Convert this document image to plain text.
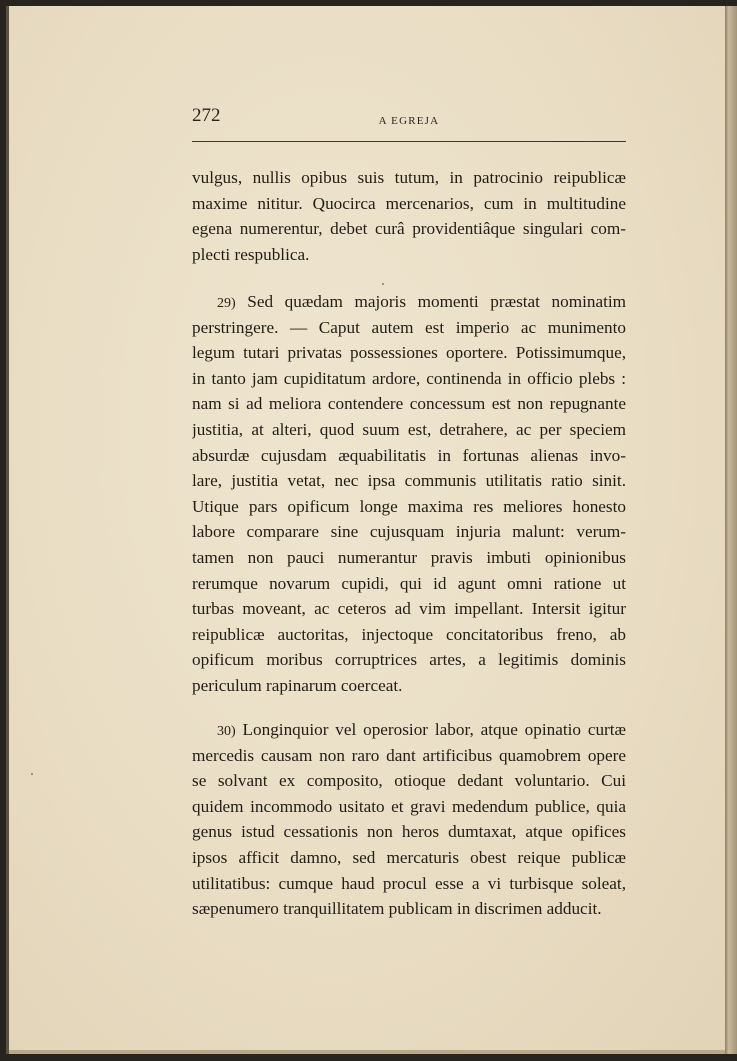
272	A EGREJA
vulgus, nullis opibus suis tutum, in patrocinio reipublicæ
maxime nititur. Quocirca mercenarios, cum in multitudine
egena numerentur, debet curâ providentiâque singulari com-
plecti respublica.
29) Sed quædam majoris momenti præstat nominatim
perstringere. — Caput autem est imperio ac munimento
legum tutari privatas possessiones oportere. Potissimumque,
in tanto jam cupiditatum ardore, continenda in officio plebs :
nam si ad meliora contendere concessum est non repugnante
justitia, at alteri, quod suum est, detrahere, ac per speciem
absurdæ cujusdam æquabilitatis in fortunas alienas invo-
lare, justitia vetat, nec ipsa communis utilitatis ratio sinit.
Utique pars opificum longe maxima res meliores honesto
labore comparare sine cujusquam injuria malunt: verum-
tamen non pauci numerantur pravis imbuti opinionibus
rerumque novarum cupidi, qui id agunt omni ratione ut
turbas moveant, ac ceteros ad vim impellant. Intersit igitur
reipublicæ auctoritas, injectoque concitatoribus freno, ab
opificum moribus corruptrices artes, a legitimis dominis
periculum rapinarum coerceat.
30) Longinquior vel operosior labor, atque opinatio curtæ
mercedis causam non raro dant artificibus quamobrem opere
se solvant ex composito, otioque dedant voluntario. Cui
quidem incommodo usitato et gravi medendum publice, quia
genus istud cessationis non heros dumtaxat, atque opifices
ipsos afficit damno, sed mercaturis obest reique publicæ
utilitatibus: cumque haud procul esse a vi turbisque soleat,
sæpenumero tranquillitatem publicam in discrimen adducit.
